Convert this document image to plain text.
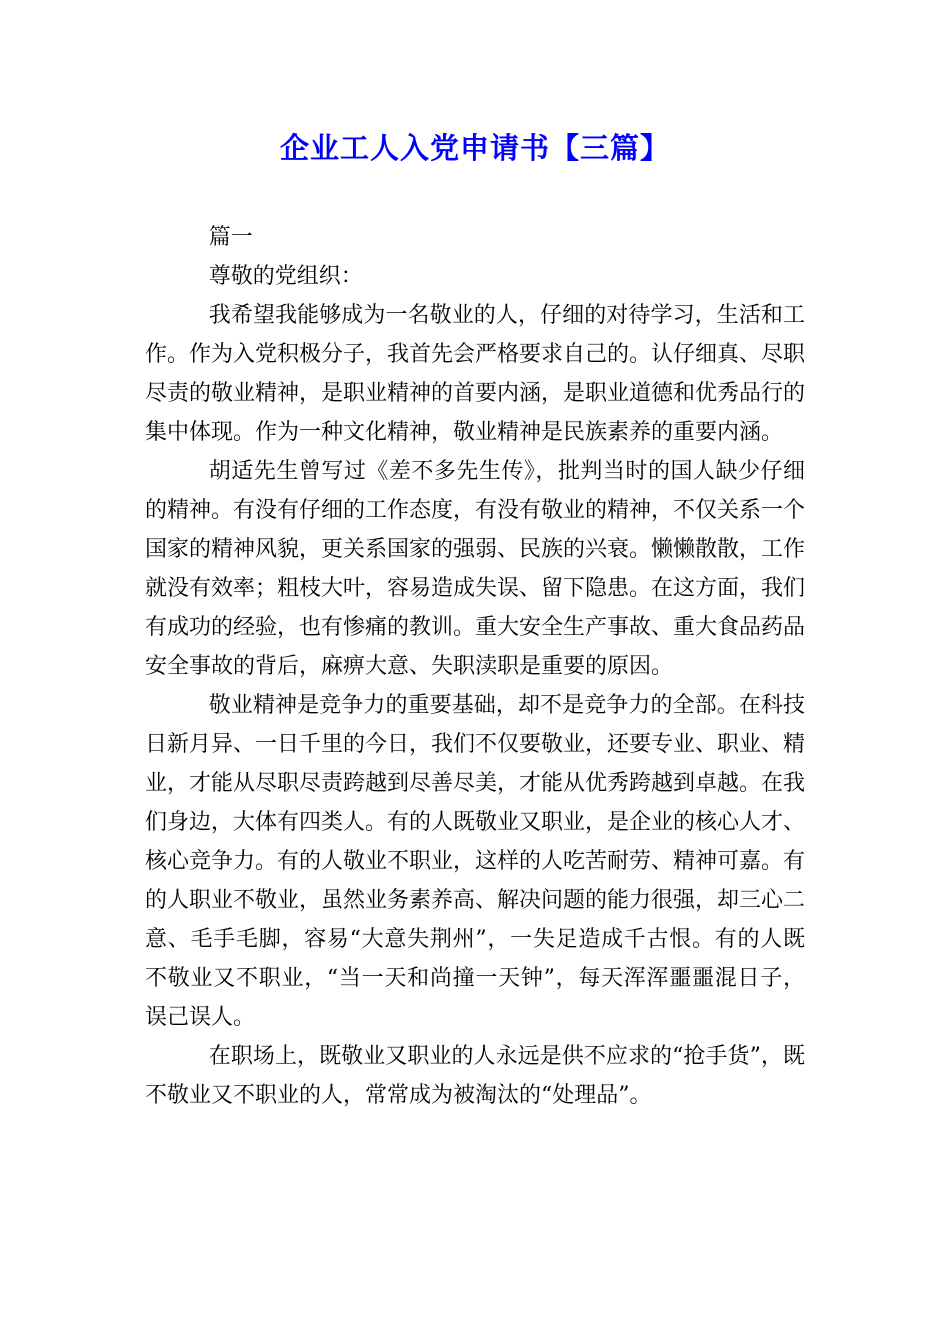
企业工人入党申请书【三篇】

篇一

尊敬的党组织：

我希望我能够成为一名敬业的人，仔细的对待学习，生活和工作。作为入党积极分子，我首先会严格要求自己的。认仔细真、尽职尽责的敬业精神，是职业精神的首要内涵，是职业道德和优秀品行的集中体现。作为一种文化精神，敬业精神是民族素养的重要内涵。

胡适先生曾写过《差不多先生传》，批判当时的国人缺少仔细的精神。有没有仔细的工作态度，有没有敬业的精神，不仅关系一个国家的精神风貌，更关系国家的强弱、民族的兴衰。懒懒散散，工作就没有效率；粗枝大叶，容易造成失误、留下隐患。在这方面，我们有成功的经验，也有惨痛的教训。重大安全生产事故、重大食品药品安全事故的背后，麻痹大意、失职渎职是重要的原因。

敬业精神是竞争力的重要基础，却不是竞争力的全部。在科技日新月异、一日千里的今日，我们不仅要敬业，还要专业、职业、精业，才能从尽职尽责跨越到尽善尽美，才能从优秀跨越到卓越。在我们身边，大体有四类人。有的人既敬业又职业，是企业的核心人才、核心竞争力。有的人敬业不职业，这样的人吃苦耐劳、精神可嘉。有的人职业不敬业，虽然业务素养高、解决问题的能力很强，却三心二意、毛手毛脚，容易“大意失荆州”，一失足造成千古恨。有的人既不敬业又不职业，“当一天和尚撞一天钟”，每天浑浑噩噩混日子，误己误人。

在职场上，既敬业又职业的人永远是供不应求的“抢手货”，既不敬业又不职业的人，常常成为被淘汰的“处理品”。
